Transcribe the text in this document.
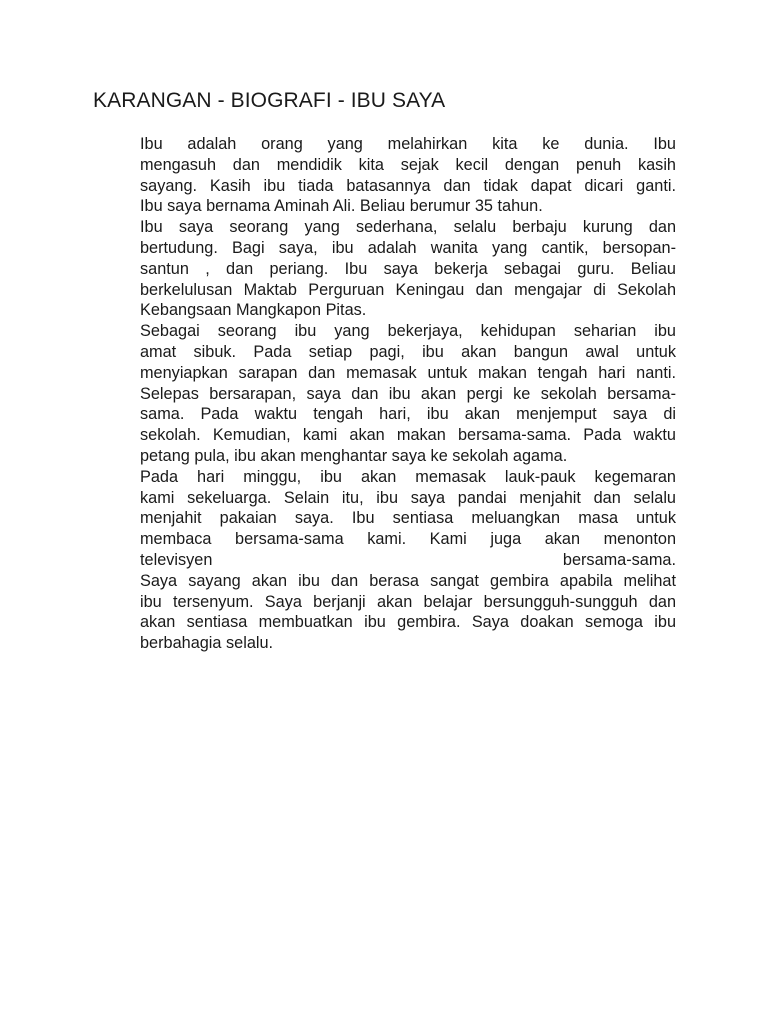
KARANGAN - BIOGRAFI - IBU SAYA

Ibu adalah orang yang melahirkan kita ke dunia. Ibu
mengasuh dan mendidik kita sejak kecil dengan penuh kasih
sayang. Kasih ibu tiada batasannya dan tidak dapat dicari ganti.
Ibu saya bernama Aminah Ali. Beliau berumur 35 tahun.

Ibu saya seorang yang sederhana, selalu berbaju kurung dan
bertudung. Bagi saya, ibu adalah wanita yang cantik, bersopan-
santun , dan periang. Ibu saya bekerja sebagai guru. Beliau
berkelulusan Maktab Perguruan Keningau dan mengajar di Sekolah
Kebangsaan Mangkapon Pitas.

Sebagai seorang ibu yang bekerjaya, kehidupan seharian ibu
amat sibuk. Pada setiap pagi, ibu akan bangun awal untuk
menyiapkan sarapan dan memasak untuk makan tengah hari nanti.
Selepas bersarapan, saya dan ibu akan pergi ke sekolah bersama-
sama. Pada waktu tengah hari, ibu akan menjemput saya di
sekolah. Kemudian, kami akan makan bersama-sama. Pada waktu
petang pula, ibu akan menghantar saya ke sekolah agama.

Pada hari minggu, ibu akan memasak lauk-pauk kegemaran
kami sekeluarga. Selain itu, ibu saya pandai menjahit dan selalu
menjahit pakaian saya. Ibu sentiasa meluangkan masa untuk
membaca bersama-sama kami. Kami juga akan menonton
televisyen bersama-sama.
Saya sayang akan ibu dan berasa sangat gembira apabila melihat
ibu tersenyum. Saya berjanji akan belajar bersungguh-sungguh dan
akan sentiasa membuatkan ibu gembira. Saya doakan semoga ibu
berbahagia selalu.
